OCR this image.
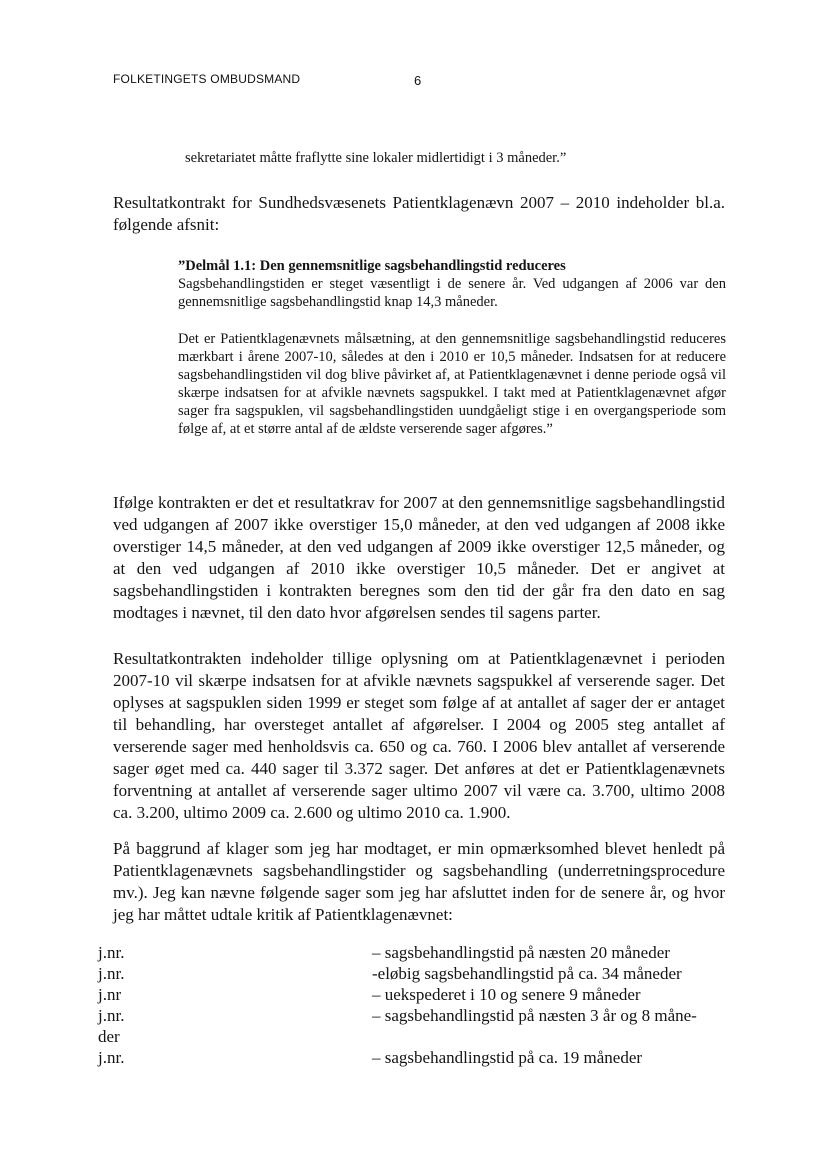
FOLKETINGETS OMBUDSMAND	6
sekretariatet måtte fraflytte sine lokaler midlertidigt i 3 måneder.”
Resultatkontrakt for Sundhedsvæsenets Patientklagenævn 2007 – 2010 indeholder bl.a. følgende afsnit:
”Delmål 1.1: Den gennemsnitlige sagsbehandlingstid reduceres
Sagsbehandlingstiden er steget væsentligt i de senere år. Ved udgangen af 2006 var den gennemsnitlige sagsbehandlingstid knap 14,3 måneder.
Det er Patientklagenævnets målsætning, at den gennemsnitlige sagsbehandlingstid reduceres mærkbart i årene 2007-10, således at den i 2010 er 10,5 måneder. Indsatsen for at reducere sagsbehandlingstiden vil dog blive påvirket af, at Patientklagenævnet i denne periode også vil skærpe indsatsen for at afvikle nævnets sagspukkel. I takt med at Patientklagenævnet afgør sager fra sagspuklen, vil sagsbehandlingstiden uundgåeligt stige i en overgangsperiode som følge af, at et større antal af de ældste verserende sager afgøres.”
Ifølge kontrakten er det et resultatkrav for 2007 at den gennemsnitlige sagsbehandlingstid ved udgangen af 2007 ikke overstiger 15,0 måneder, at den ved udgangen af 2008 ikke overstiger 14,5 måneder, at den ved udgangen af 2009 ikke overstiger 12,5 måneder, og at den ved udgangen af 2010 ikke overstiger 10,5 måneder. Det er angivet at sagsbehandlingstiden i kontrakten beregnes som den tid der går fra den dato en sag modtages i nævnet, til den dato hvor afgørelsen sendes til sagens parter.
Resultatkontrakten indeholder tillige oplysning om at Patientklagenævnet i perioden 2007-10 vil skærpe indsatsen for at afvikle nævnets sagspukkel af verserende sager. Det oplyses at sagspuklen siden 1999 er steget som følge af at antallet af sager der er antaget til behandling, har oversteget antallet af afgørelser. I 2004 og 2005 steg antallet af verserende sager med henholdsvis ca. 650 og ca. 760. I 2006 blev antallet af verserende sager øget med ca. 440 sager til 3.372 sager. Det anføres at det er Patientklagenævnets forventning at antallet af verserende sager ultimo 2007 vil være ca. 3.700, ultimo 2008 ca. 3.200, ultimo 2009 ca. 2.600 og ultimo 2010 ca. 1.900.
På baggrund af klager som jeg har modtaget, er min opmærksomhed blevet henledt på Patientklagenævnets sagsbehandlingstider og sagsbehandling (underretningsprocedure mv.). Jeg kan nævne følgende sager som jeg har afsluttet inden for de senere år, og hvor jeg har måttet udtale kritik af Patientklagenævnet:
j.nr.	– sagsbehandlingstid på næsten 20 måneder
j.nr.	-eløbig sagsbehandlingstid på ca. 34 måneder
j.nr	– uekspederet i 10 og senere 9 måneder
j.nr.	– sagsbehandlingstid på næsten 3 år og 8 måne-
der
j.nr.	– sagsbehandlingstid på ca. 19 måneder
